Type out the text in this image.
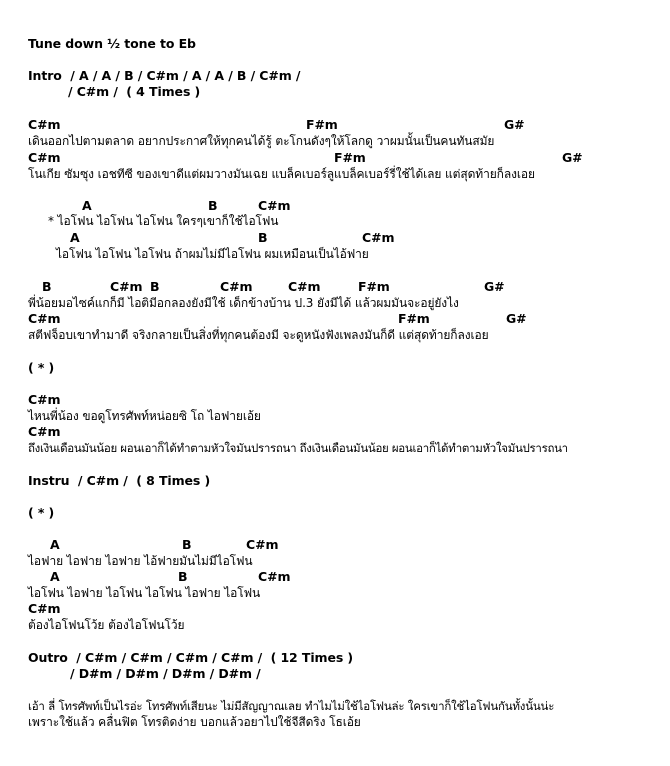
Tune down ½ tone to Eb
Intro  / A / A / B / C#m / A / A / B / C#m /
/ C#m /  ( 4 Times )
C#m	F#m	G#
เดินออกไปตามตลาด อยากประกาศให้ทุกคนได้รู้ ตะโกนดังๆให้โลกดู วาผมนั้นเป็นคนทันสมัย
C#m	F#m	G#
โนเกีย ซัมซุง เอชทีซี ของเขาดีแต่ผมวางมันเฉย แบล็คเบอร์ลูแบล็คเบอร์รี่ใช้ได้เลย แต่สุดท้ายก็ลงเอย
A	B	C#m
* ไอโฟน ไอโฟน ไอโฟน ใครๆเขาก็ใช้ไอโฟน
A	B	C#m
ไอโฟน ไอโฟน ไอโฟน ถ้าผมไม่มีไอโฟน ผมเหมือนเป็นไอ้ฟาย
B	C#m B	C#m	C#m	F#m	G#
พี่น้อยมอไซค์แกก็มี ไอติมีอกลองยังมีใช้ เด็กข้างบ้าน ป.3 ยังมีได้ แล้วผมมันจะอยู่ยังไง
C#m	F#m	G#
สตีฟจ็อบเขาทำมาดี จริงกลายเป็นสิ่งที่ทุกคนต้องมี จะดูหนังฟังเพลงมันก็ดี แต่สุดท้ายก็ลงเอย
( * )
C#m
ไหนพี่น้อง ขอดูโทรศัพท์หน่อยซิ โถ ไอฟายเอ้ย
C#m
ถึงเงินเดือนมันน้อย ผอนเอาก็ได้ทำตามหัวใจมันปรารถนา ถึงเงินเดือนมันน้อย ผอนเอาก็ได้ทำตามหัวใจมันปรารถนา
Instru  / C#m /  ( 8 Times )
( * )
A	B	C#m
ไอฟาย ไอฟาย ไอฟาย ไอ้ฟายมันไม่มีไอโฟน
A	B	C#m
ไอโฟน ไอฟาย ไอโฟน ไอโฟน ไอฟาย ไอโฟน
C#m
ต้องไอโฟนโว้ย ต้องไอโฟนโว้ย
Outro  / C#m / C#m / C#m / C#m /  ( 12 Times )
/ D#m / D#m / D#m / D#m /
เอ้า ลี่ โทรศัพท์เป็นไรอ่ะ โทรศัพท์เสียนะ ไม่มีสัญญาณเลย ทำไมไม่ใช้ไอโฟนล่ะ ใครเขาก็ใช้ไอโฟนกันทั้งนั้นน่ะ
เพราะใช้แล้ว คลื่นฟิต โทรติดง่าย บอกแล้วอยาไปใช้จีสีดริง โธเอ้ย
